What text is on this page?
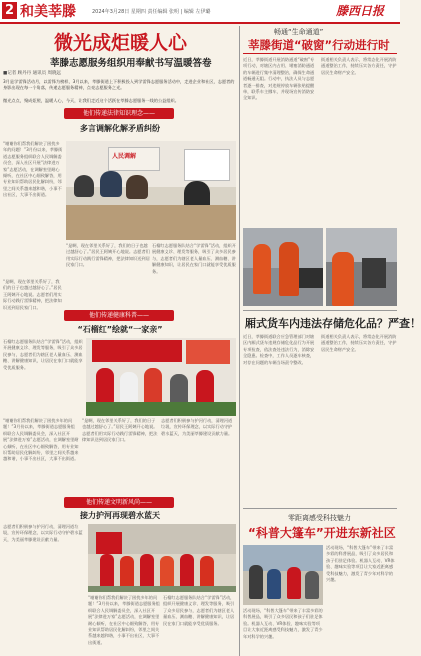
2 和美莘滕	2024年3月28日 星期四 责任编辑 张明 | 编辑 左伊璐	滕西日报
微光成炬暖人心
莘滕志愿服务组织用奉献书写温暖答卷
■记者 顾丹丹 通讯员 周晓远
3月是学雷锋活动月，以雷锋为榜样，3月以来，莘滕街道上下积极投入到学雷锋志愿服务活动中，走进企业和社区，志愿者的身影出现在每一个角落，传递志愿服务精神，点亮志愿服务之光。
微光点点，聚成炬照，温暖人心，今天，让我们走近这个活跃在莘滕志愿服务一线的公益组织。
他们传递法律知识理念——
多言调解化解矛盾纠纷
人民调解
“谢谢你们帮我们解决了困扰多年的问题！”3月份以来，莘滕街道志愿服务组织联合人民调解委员会，深入社区开展“法律进万家”志愿活动，在调解室里耐心倾听，在社区中心细致解答，用专业知识帮助居民化解纠纷，邻里之间关系越来越和谐，小事不出社区，大事不出街道。
“是啊，现在邻里关系好了，我们的日子也越过越舒心了。”居民王阿姨开心地说。志愿者们用实际行动践行雷锋精神，把法律知识送到居民家门口。
石榴红志愿服务队结合“学雷锋”活动，组织开展健康义诊、理发等服务，吸引了众多居民参与，志愿者们为辖区老人量血压、测血糖、讲解健康知识，让居民在家门口就能享受优质服务。
“是啊，现在邻里关系好了，我们的日子也越过越舒心了。”居民王阿姨开心地说。志愿者们用实际行动践行雷锋精神，把法律知识送到居民家门口。
他们传递健康科普——
“石榴红”绘就“一家亲”
石榴红志愿服务队结合“学雷锋”活动，组织开展健康义诊、理发等服务，吸引了众多居民参与，志愿者们为辖区老人量血压、测血糖、讲解健康知识，让居民在家门口就能享受优质服务。
“谢谢你们帮我们解决了困扰多年的问题！”3月份以来，莘滕街道志愿服务组织联合人民调解委员会，深入社区开展“法律进万家”志愿活动，在调解室里耐心倾听，在社区中心细致解答，用专业知识帮助居民化解纠纷，邻里之间关系越来越和谐，小事不出社区，大事不出街道。
“是啊，现在邻里关系好了，我们的日子也越过越舒心了。”居民王阿姨开心地说。志愿者们用实际行动践行雷锋精神，把法律知识送到居民家门口。
志愿者们积极参与护河行动，清理河道垃圾，宣传环保理念，以实际行动守护碧水蓝天，为美丽莘滕建设贡献力量。
他们传递文明新风尚——
接力护河再现碧水蓝天
志愿者们积极参与护河行动，清理河道垃圾，宣传环保理念，以实际行动守护碧水蓝天，为美丽莘滕建设贡献力量。
“谢谢你们帮我们解决了困扰多年的问题！”3月份以来，莘滕街道志愿服务组织联合人民调解委员会，深入社区开展“法律进万家”志愿活动，在调解室里耐心倾听，在社区中心细致解答，用专业知识帮助居民化解纠纷，邻里之间关系越来越和谐，小事不出社区，大事不出街道。
石榴红志愿服务队结合“学雷锋”活动，组织开展健康义诊、理发等服务，吸引了众多居民参与，志愿者们为辖区老人量血压、测血糖、讲解健康知识，让居民在家门口就能享受优质服务。
畅通“生命通道”
莘滕街道“破窗”行动进行时
近日，莘滕街道开展消防通道“破窗”专项行动，对辖区内占用、堵塞消防通道的车辆进行集中清理整治，确保生命通道畅通无阻。行动中，执法人员与志愿者逐一排查，对违规停放车辆张贴提醒单，联系车主挪车，并现场宣传消防安全知识。
街道相关负责人表示，将常态化开展消防通道整治工作，持续压实各方责任，守护居民生命财产安全。
厢式货车内违法存储危化品？严查！
近日，莘滕街道联合应急管理部门对辖区内厢式货车违规存储危化品行为开展专项检查，依法查处违法行为，消除安全隐患。检查中，工作人员逐车核查，对存在问题的车辆当场责令整改。
街道相关负责人表示，将常态化开展消防通道整治工作，持续压实各方责任，守护居民生命财产安全。
零距离感受科技魅力
“科普大篷车”开进东新社区
活动现场，“科普大篷车”带来了丰富多彩的科普展品，吸引了众多居民和孩子们驻足体验。机器人互动、VR体验、趣味实验等项目让大家近距离感受科技魅力，激发了青少年对科学的兴趣。
活动现场，“科普大篷车”带来了丰富多彩的科普展品，吸引了众多居民和孩子们驻足体验。机器人互动、VR体验、趣味实验等项目让大家近距离感受科技魅力，激发了青少年对科学的兴趣。
